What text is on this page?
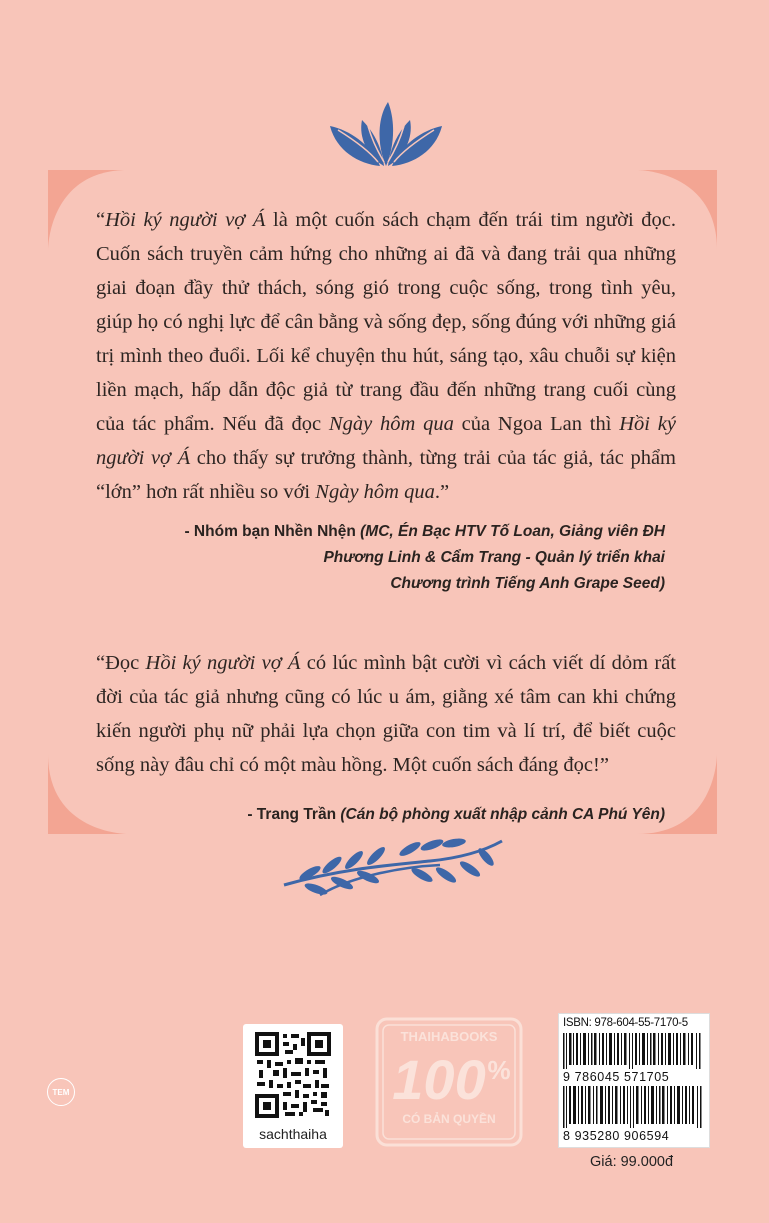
“Hồi ký người vợ Á là một cuốn sách chạm đến trái tim người đọc. Cuốn sách truyền cảm hứng cho những ai đã và đang trải qua những giai đoạn đầy thử thách, sóng gió trong cuộc sống, trong tình yêu, giúp họ có nghị lực để cân bằng và sống đẹp, sống đúng với những giá trị mình theo đuổi. Lối kể chuyện thu hút, sáng tạo, xâu chuỗi sự kiện liền mạch, hấp dẫn độc giả từ trang đầu đến những trang cuối cùng của tác phẩm. Nếu đã đọc Ngày hôm qua của Ngoa Lan thì Hồi ký người vợ Á cho thấy sự trưởng thành, từng trải của tác giả, tác phẩm “lớn” hơn rất nhiều so với Ngày hôm qua.”
- Nhóm bạn Nhền Nhện (MC, Én Bạc HTV Tố Loan, Giảng viên ĐH
Phương Linh & Cẩm Trang - Quản lý triển khai
Chương trình Tiếng Anh Grape Seed)
“Đọc Hồi ký người vợ Á có lúc mình bật cười vì cách viết dí dỏm rất đời của tác giả nhưng cũng có lúc u ám, giằng xé tâm can khi chứng kiến người phụ nữ phải lựa chọn giữa con tim và lí trí, để biết cuộc sống này đâu chỉ có một màu hồng. Một cuốn sách đáng đọc!”
- Trang Trần (Cán bộ phòng xuất nhập cảnh CA Phú Yên)
TEM
sachthaiha
THAIHABOOKS
100 %
CÓ BẢN QUYỀN
ISBN: 978-604-55-7170-5
9 786045 571705
8 935280 906594
Giá: 99.000đ
